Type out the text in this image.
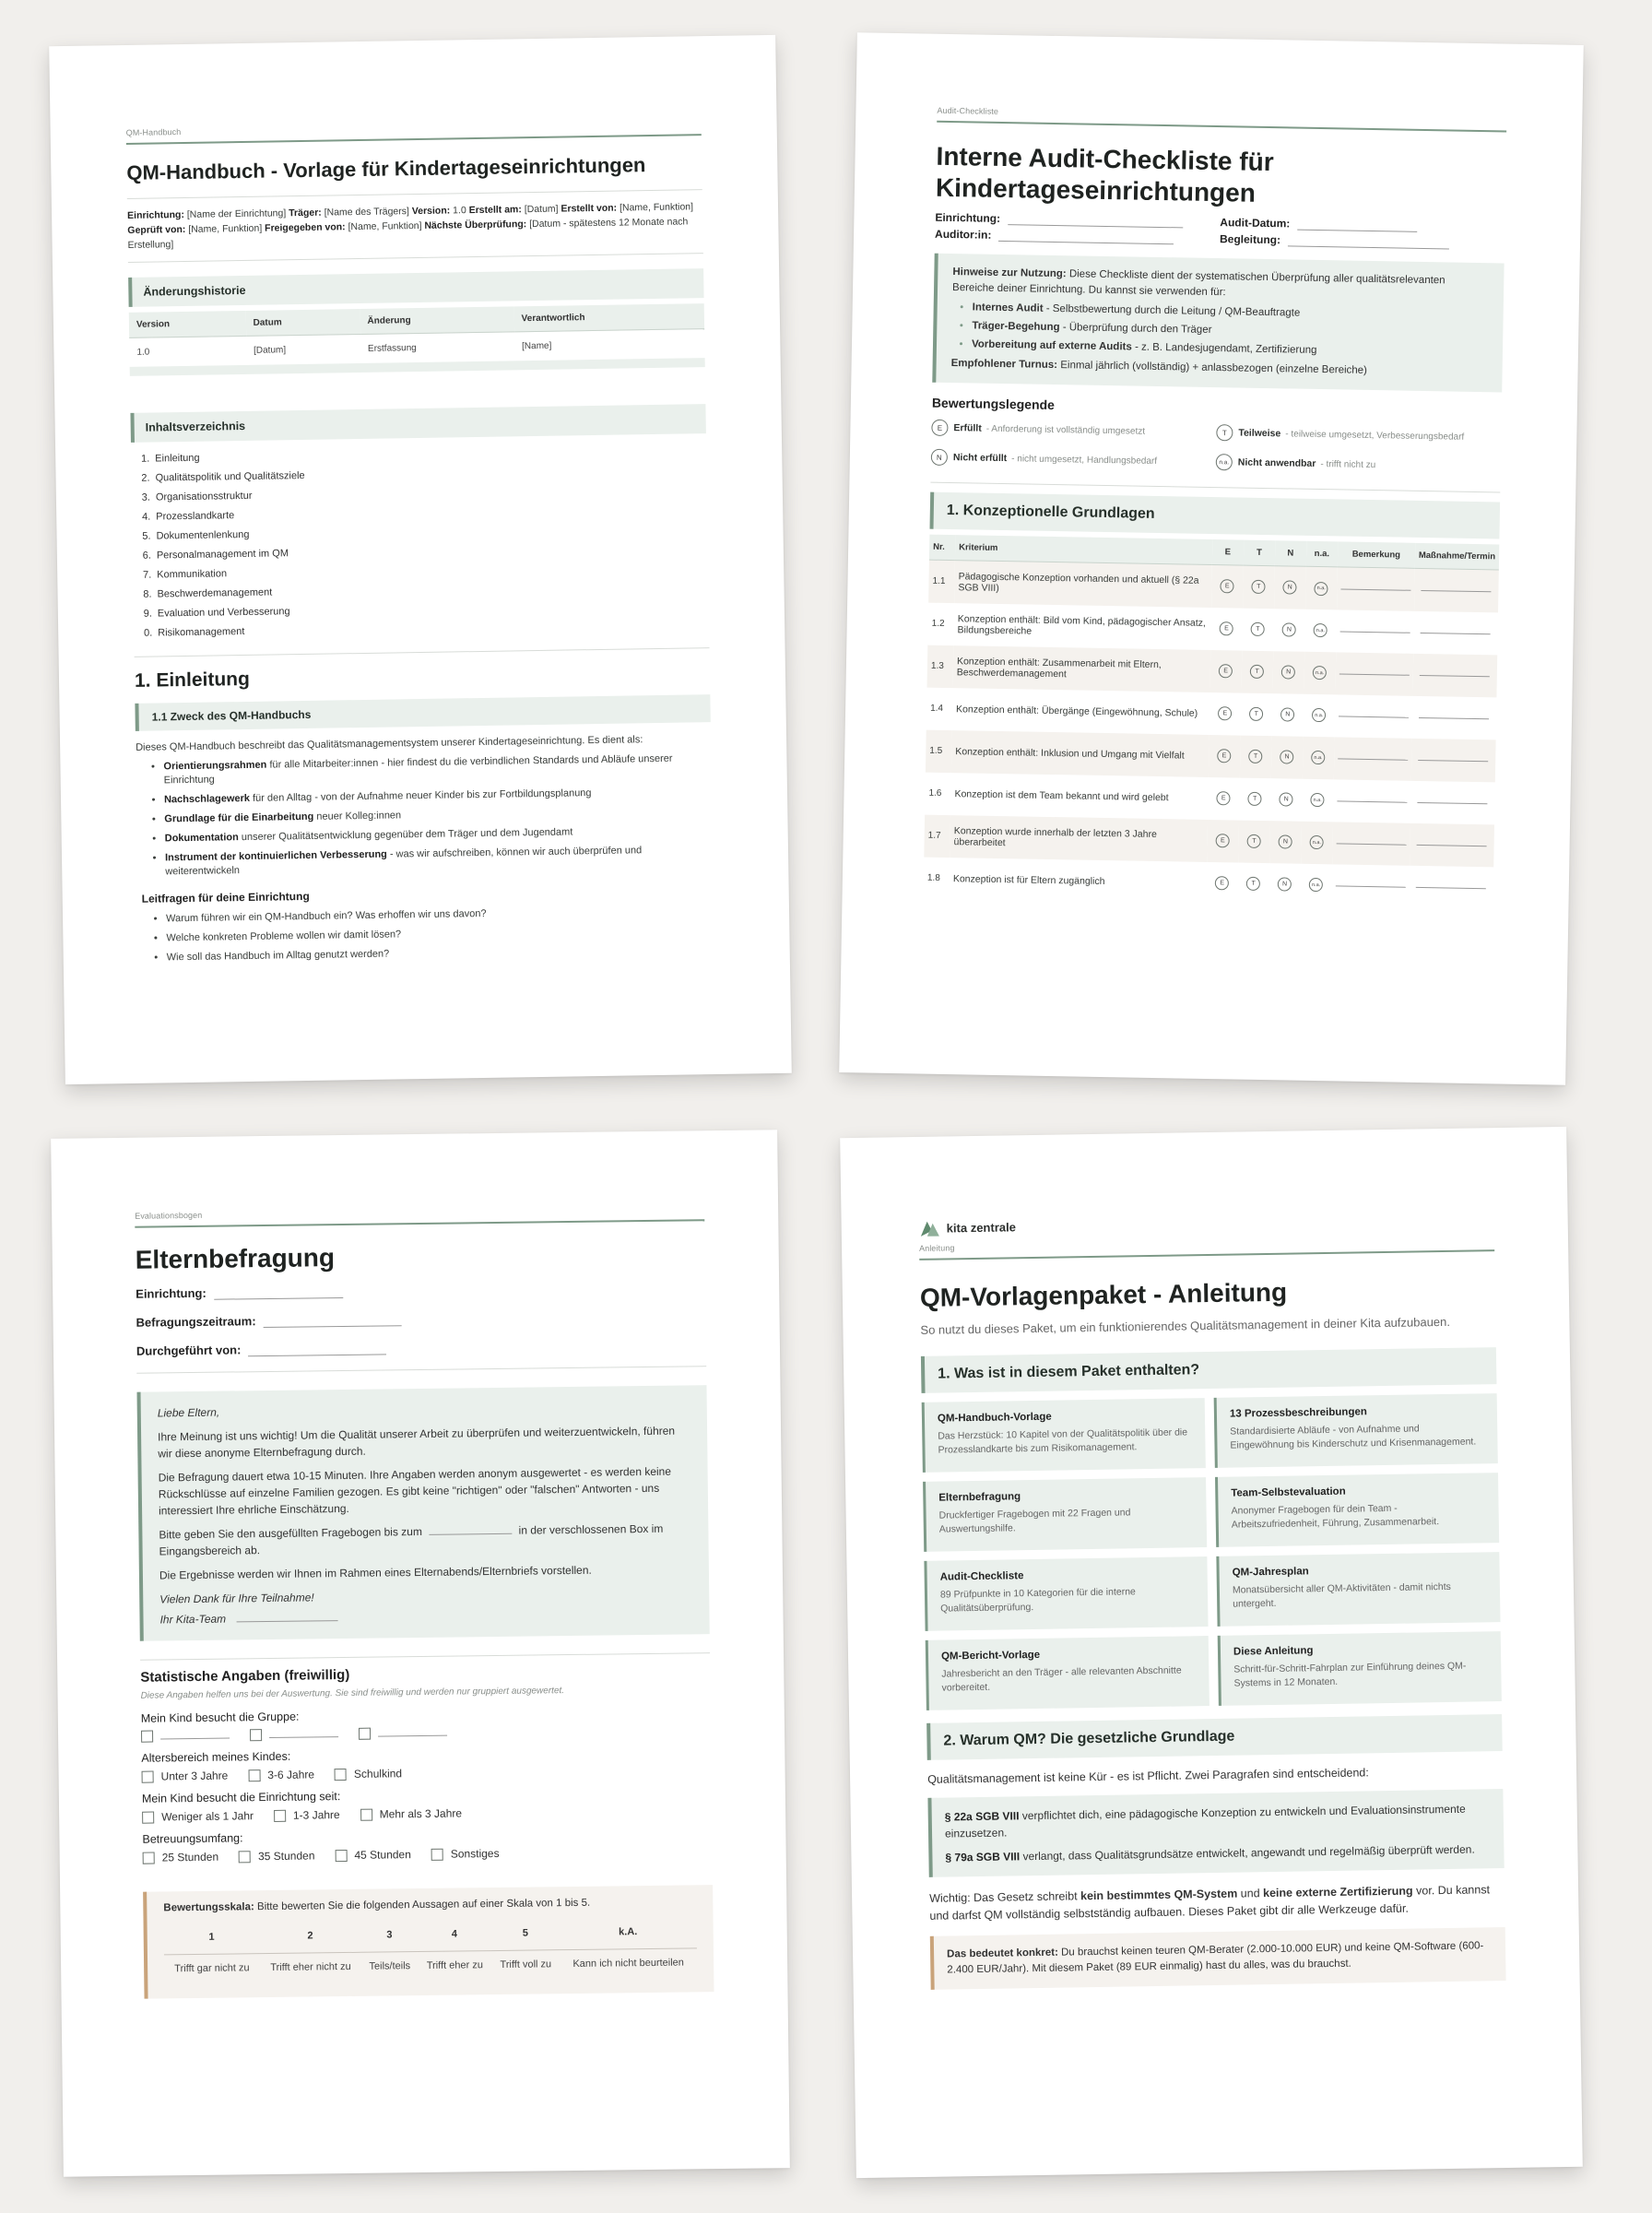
QM-Handbuch
QM-Handbuch - Vorlage für Kindertageseinrichtungen
Einrichtung: [Name der Einrichtung] Träger: [Name des Trägers] Version: 1.0 Erstellt am: [Datum] Erstellt von: [Name, Funktion] Geprüft von: [Name, Funktion] Freigegeben von: [Name, Funktion] Nächste Überprüfung: [Datum - spätestens 12 Monate nach Erstellung]
Änderungshistorie
Version	Datum	Änderung	Verantwortlich
1.0	[Datum]	Erstfassung	[Name]
Inhaltsverzeichnis
1. Einleitung
2. Qualitätspolitik und Qualitätsziele
3. Organisationsstruktur
4. Prozesslandkarte
5. Dokumentenlenkung
6. Personalmanagement im QM
7. Kommunikation
8. Beschwerdemanagement
9. Evaluation und Verbesserung
0. Risikomanagement
1. Einleitung
1.1 Zweck des QM-Handbuchs

Dieses QM-Handbuch beschreibt das Qualitätsmanagementsystem unserer Kindertageseinrichtung. Es dient als:

• Orientierungsrahmen für alle Mitarbeiter:innen - hier findest du die verbindlichen Standards und Abläufe unserer Einrichtung
• Nachschlagewerk für den Alltag - von der Aufnahme neuer Kinder bis zur Fortbildungsplanung
• Grundlage für die Einarbeitung neuer Kolleg:innen
• Dokumentation unserer Qualitätsentwicklung gegenüber dem Träger und dem Jugendamt
• Instrument der kontinuierlichen Verbesserung - was wir aufschreiben, können wir auch überprüfen und weiterentwickeln
Leitfragen für deine Einrichtung
• Warum führen wir ein QM-Handbuch ein? Was erhoffen wir uns davon?
• Welche konkreten Probleme wollen wir damit lösen?
• Wie soll das Handbuch im Alltag genutzt werden?
Audit-Checkliste
Interne Audit-Checkliste für Kindertageseinrichtungen
Einrichtung:	Audit-Datum:
Auditor:in:	Begleitung:
Hinweise zur Nutzung: Diese Checkliste dient der systematischen Überprüfung aller qualitätsrelevanten Bereiche deiner Einrichtung. Du kannst sie verwenden für:
• Internes Audit - Selbstbewertung durch die Leitung / QM-Beauftragte
• Träger-Begehung - Überprüfung durch den Träger
• Vorbereitung auf externe Audits - z. B. Landesjugendamt, Zertifizierung
Empfohlener Turnus: Einmal jährlich (vollständig) + anlassbezogen (einzelne Bereiche)
Bewertungslegende
E	Erfüllt - Anforderung ist vollständig umgesetzt	T	Teilweise - teilweise umgesetzt, Verbesserungsbedarf
N	Nicht erfüllt - nicht umgesetzt, Handlungsbedarf	n.a. Nicht anwendbar - trifft nicht zu
1. Konzeptionelle Grundlagen
Nr.	Kriterium	E	T	N	n.a.	Bemerkung	Maßnahme/Termin
1.1	Pädagogische Konzeption vorhanden und aktuell (§ 22a SGB VIII)	E	T	N	n.a.	

1.2	Konzeption enthält: Bild vom Kind, pädagogischer Ansatz, Bildungsbereiche	E	T	N	n.a.	

1.3	Konzeption enthält: Zusammenarbeit mit Eltern, Beschwerdemanagement	E	T	N	n.a.	

1.4	Konzeption enthält: Übergänge (Eingewöhnung, Schule)	E	T	N	n.a.	

1.5	Konzeption enthält: Inklusion und Umgang mit Vielfalt	E	T	N	n.a.	

1.6	Konzeption ist dem Team bekannt und wird gelebt	E	T	N	n.a.	

1.7	Konzeption wurde innerhalb der letzten 3 Jahre überarbeitet	E	T	N	n.a.	

1.8	Konzeption ist für Eltern zugänglich	E	T	N	n.a.	

Evaluationsbogen
Elternbefragung
Einrichtung:
Befragungszeitraum:
Durchgeführt von:

Liebe Eltern,

Ihre Meinung ist uns wichtig! Um die Qualität unserer Arbeit zu überprüfen und weiterzuentwickeln, führen wir diese anonyme Elternbefragung durch.

Die Befragung dauert etwa 10-15 Minuten. Ihre Angaben werden anonym ausgewertet - es werden keine Rückschlüsse auf einzelne Familien gezogen. Es gibt keine "richtigen" oder "falschen" Antworten - uns interessiert Ihre ehrliche Einschätzung.

Bitte geben Sie den ausgefüllten Fragebogen bis zum	in der verschlossenen Box im Eingangsbereich ab.

Die Ergebnisse werden wir Ihnen im Rahmen eines Elternabends/Elternbriefs vorstellen.

Vielen Dank für Ihre Teilnahme!

Ihr Kita-Team

Statistische Angaben (freiwillig)
Diese Angaben helfen uns bei der Auswertung. Sie sind freiwillig und werden nur gruppiert ausgewertet.
Mein Kind besucht die Gruppe:
Altersbereich meines Kindes:
Unter 3 Jahre	3-6 Jahre	Schulkind
Mein Kind besucht die Einrichtung seit:
Weniger als 1 Jahr	1-3 Jahre	Mehr als 3 Jahre
Betreuungsumfang:
25 Stunden	35 Stunden	45 Stunden	Sonstiges
Bewertungsskala: Bitte bewerten Sie die folgenden Aussagen auf einer Skala von 1 bis 5.
1	2	3	4	5	k.A.
Trifft gar nicht zu	Trifft eher nicht zu	Teils/teils	Trifft eher zu	Trifft voll zu	Kann ich nicht beurteilen
kita zentrale
Anleitung
QM-Vorlagenpaket - Anleitung

So nutzt du dieses Paket, um ein funktionierendes Qualitätsmanagement in deiner Kita aufzubauen.

1. Was ist in diesem Paket enthalten?
QM-Handbuch-Vorlage
Das Herzstück: 10 Kapitel von der Qualitätspolitik über die Prozesslandkarte bis zum Risikomanagement.
13 Prozessbeschreibungen
Standardisierte Abläufe - von Aufnahme und Eingewöhnung bis Kinderschutz und Krisenmanagement.
Elternbefragung
Druckfertiger Fragebogen mit 22 Fragen und Auswertungshilfe.
Team-Selbstevaluation
Anonymer Fragebogen für dein Team - Arbeitszufriedenheit, Führung, Zusammenarbeit.
Audit-Checkliste
89 Prüfpunkte in 10 Kategorien für die interne Qualitätsüberprüfung.
QM-Jahresplan
Monatsübersicht aller QM-Aktivitäten - damit nichts untergeht.
QM-Bericht-Vorlage
Jahresbericht an den Träger - alle relevanten Abschnitte vorbereitet.
Diese Anleitung
Schritt-für-Schritt-Fahrplan zur Einführung deines QM-Systems in 12 Monaten.
2. Warum QM? Die gesetzliche Grundlage

Qualitätsmanagement ist keine Kür - es ist Pflicht. Zwei Paragrafen sind entscheidend:

§ 22a SGB VIII verpflichtet dich, eine pädagogische Konzeption zu entwickeln und Evaluationsinstrumente einzusetzen.

§ 79a SGB VIII verlangt, dass Qualitätsgrundsätze entwickelt, angewandt und regelmäßig überprüft werden.

Wichtig: Das Gesetz schreibt kein bestimmtes QM-System und keine externe Zertifizierung vor. Du kannst und darfst QM vollständig selbstständig aufbauen. Dieses Paket gibt dir alle Werkzeuge dafür.

Das bedeutet konkret: Du brauchst keinen teuren QM-Berater (2.000-10.000 EUR) und keine QM-Software (600-2.400 EUR/Jahr). Mit diesem Paket (89 EUR einmalig) hast du alles, was du brauchst.
